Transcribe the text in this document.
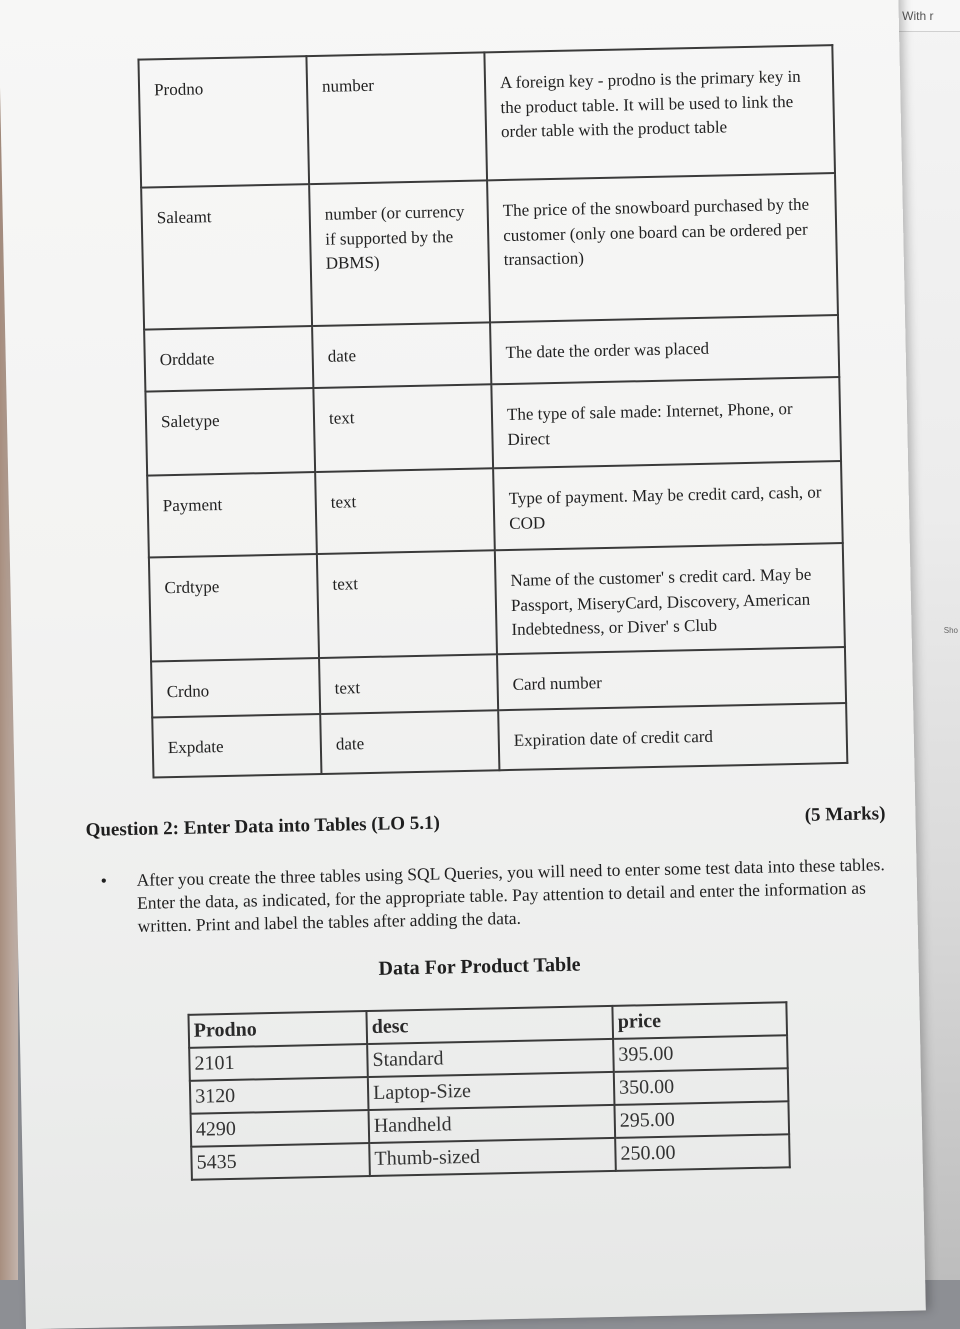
With r
Sho
Prodno	number	A foreign key - prodno is the primary key in the product table. It will be used to link the order table with the product table
Saleamt	number (or currency if supported by the DBMS)	The price of the snowboard purchased by the customer (only one board can be ordered per transaction)
Orddate	date	The date the order was placed
Saletype	text	The type of sale made: Internet, Phone, or Direct
Payment	text	Type of payment. May be credit card, cash, or COD
Crdtype	text	Name of the customer' s credit card. May be Passport, MiseryCard, Discovery, American Indebtedness, or Diver' s Club
Crdno	text	Card number
Expdate	date	Expiration date of credit card
Question 2: Enter Data into Tables (LO 5.1)	(5 Marks)
• After you create the three tables using SQL Queries, you will need to enter some test data into these tables. Enter the data, as indicated, for the appropriate table. Pay attention to detail and enter the information as written. Print and label the tables after adding the data.
Data For Product Table
Prodno	desc	price
2101	Standard	395.00
3120	Laptop-Size	350.00
4290	Handheld	295.00
5435	Thumb-sized	250.00
